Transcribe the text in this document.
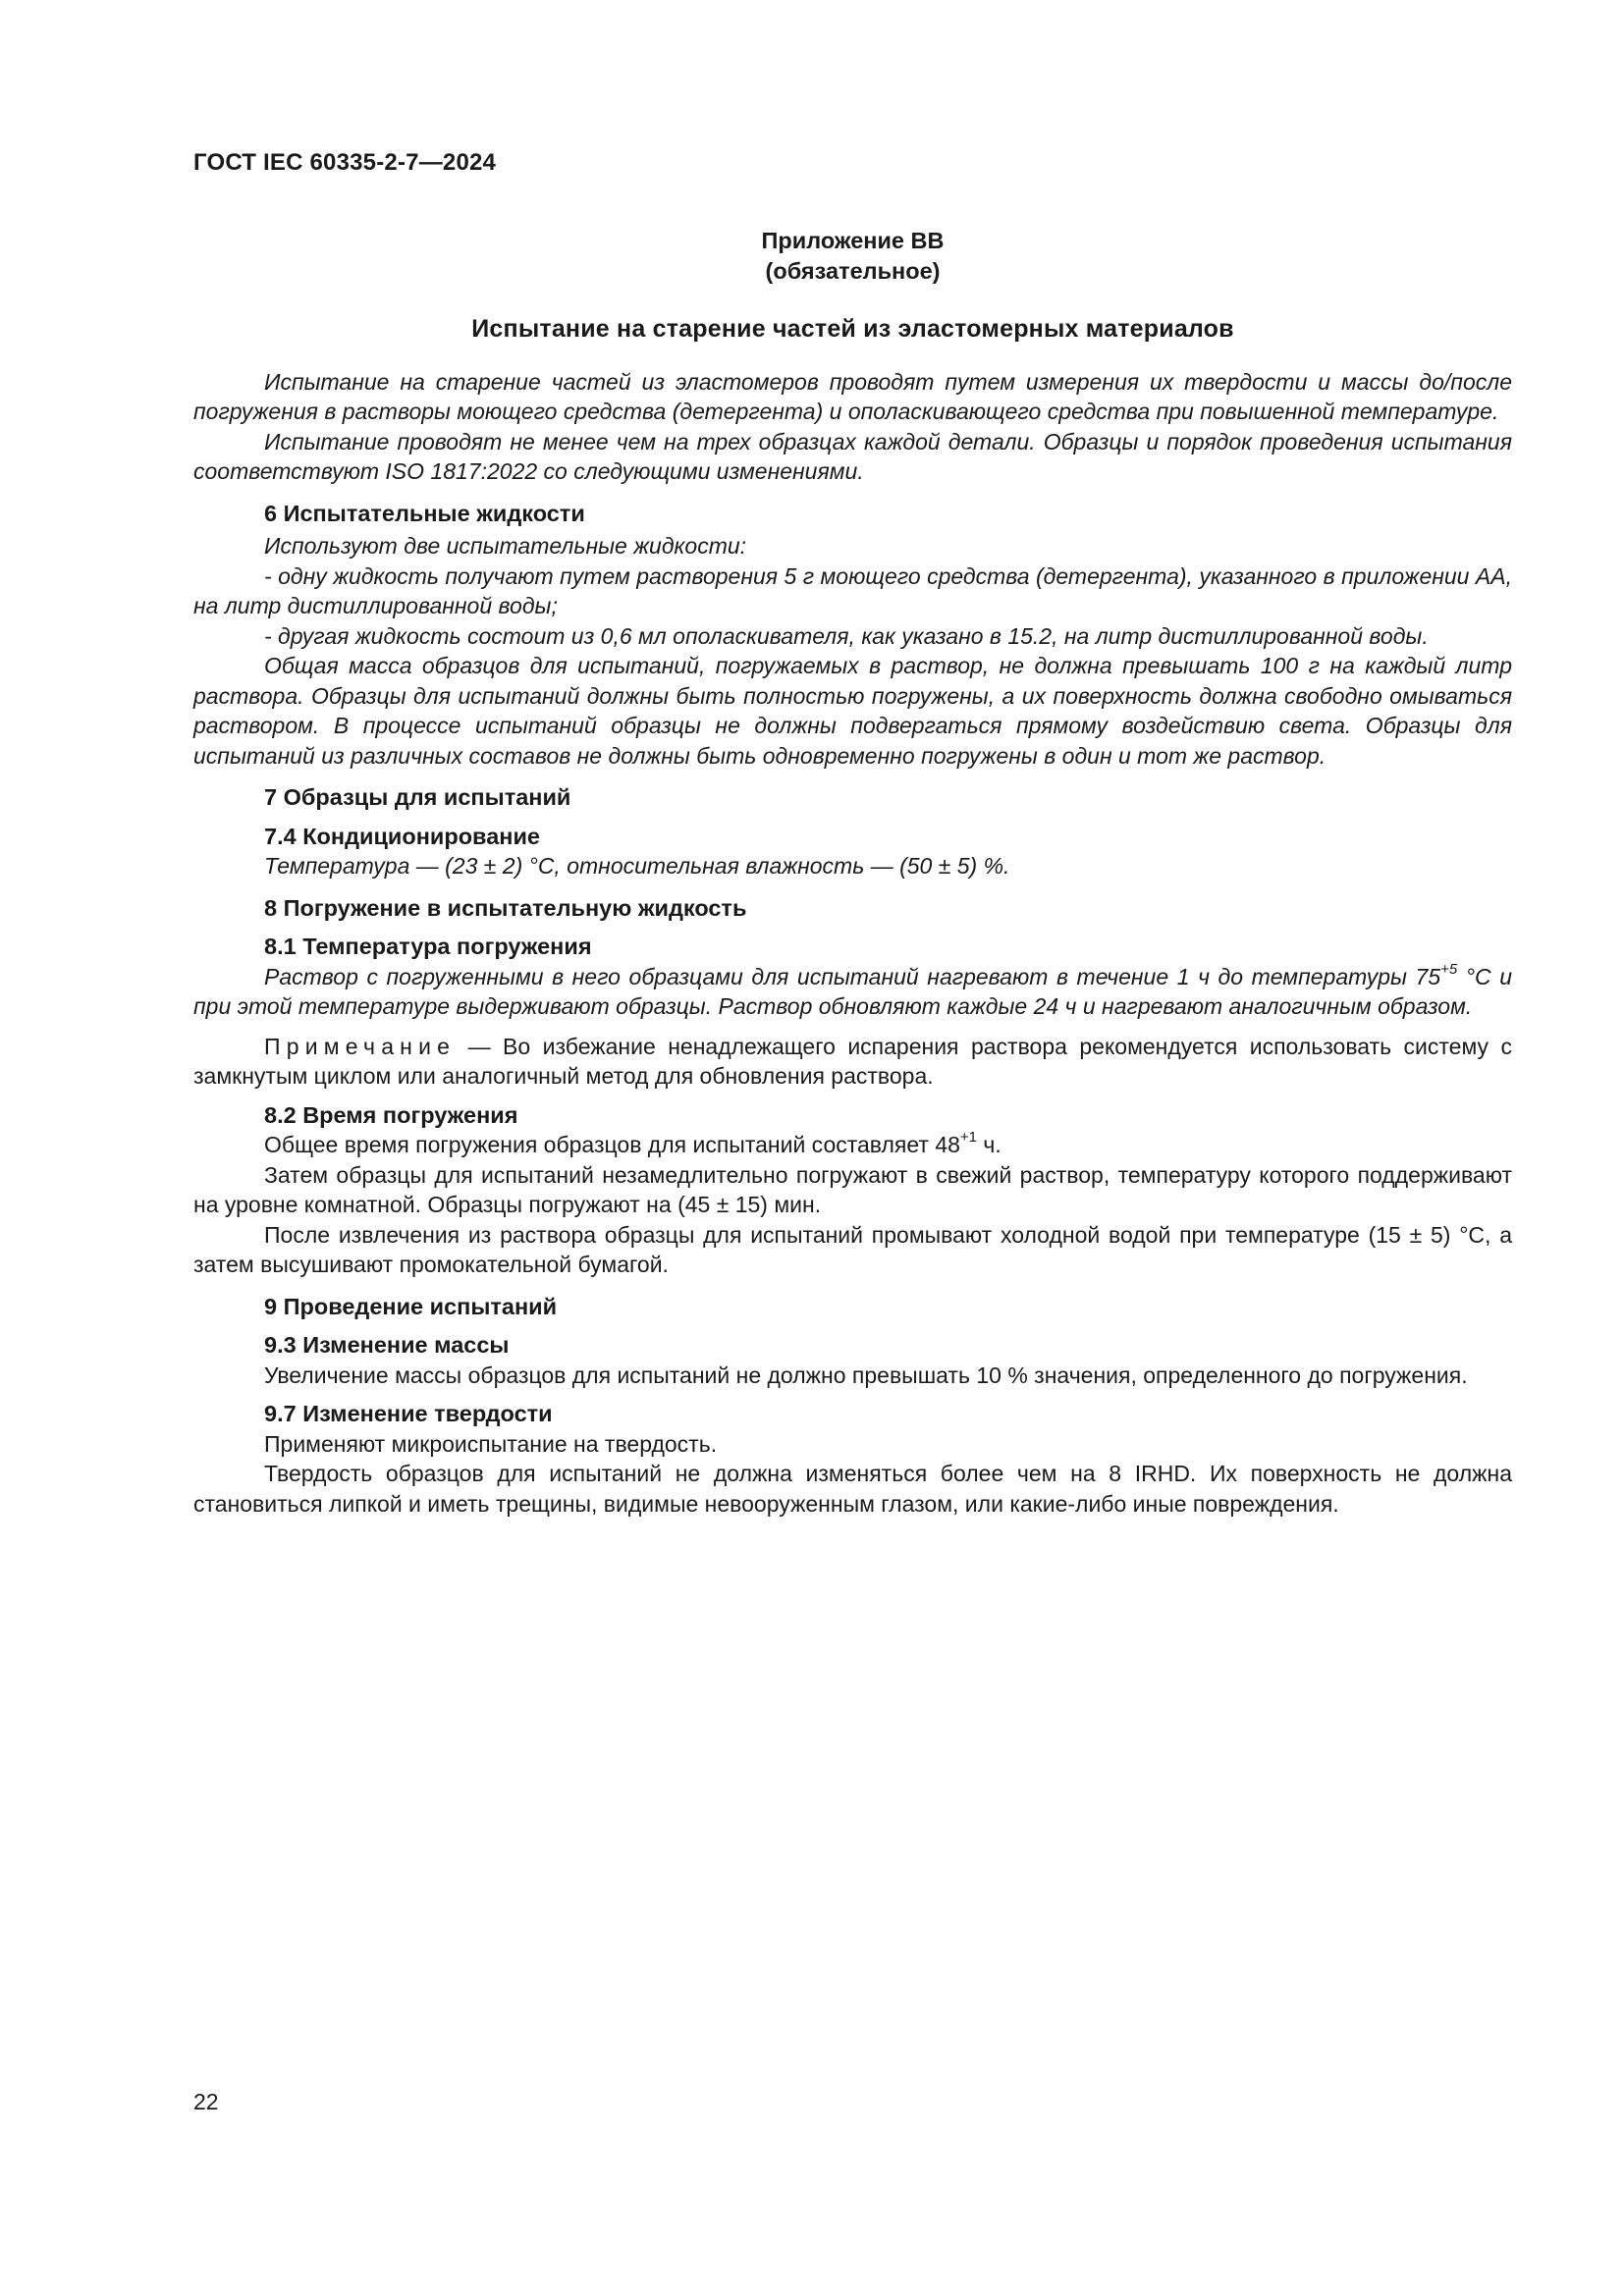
ГОСТ IEC 60335-2-7—2024
Приложение ВВ
(обязательное)
Испытание на старение частей из эластомерных материалов

Испытание на старение частей из эластомеров проводят путем измерения их твердости и массы до/после погружения в растворы моющего средства (детергента) и ополаскивающего средства при повышенной температуре.

Испытание проводят не менее чем на трех образцах каждой детали. Образцы и порядок проведения испытания соответствуют ISO 1817:2022 со следующими изменениями.

6 Испытательные жидкости

Используют две испытательные жидкости:

- одну жидкость получают путем растворения 5 г моющего средства (детергента), указанного в приложении АА, на литр дистиллированной воды;

- другая жидкость состоит из 0,6 мл ополаскивателя, как указано в 15.2, на литр дистиллированной воды.

Общая масса образцов для испытаний, погружаемых в раствор, не должна превышать 100 г на каждый литр раствора. Образцы для испытаний должны быть полностью погружены, а их поверхность должна свободно омываться раствором. В процессе испытаний образцы не должны подвергаться прямому воздействию света. Образцы для испытаний из различных составов не должны быть одновременно погружены в один и тот же раствор.

7 Образцы для испытаний
7.4 Кондиционирование

Температура — (23 ± 2) °C, относительная влажность — (50 ± 5) %.

8 Погружение в испытательную жидкость
8.1 Температура погружения

Раствор с погруженными в него образцами для испытаний нагревают в течение 1 ч до температуры $75^{+5}$ °C и при этой температуре выдерживают образцы. Раствор обновляют каждые 24 ч и нагревают аналогичным образом.

Примечание — Во избежание ненадлежащего испарения раствора рекомендуется использовать систему с замкнутым циклом или аналогичный метод для обновления раствора.

8.2 Время погружения

Общее время погружения образцов для испытаний составляет $48^{+1}$ ч.

Затем образцы для испытаний незамедлительно погружают в свежий раствор, температуру которого поддерживают на уровне комнатной. Образцы погружают на (45 ± 15) мин.

После извлечения из раствора образцы для испытаний промывают холодной водой при температуре (15 ± 5) °C, а затем высушивают промокательной бумагой.

9 Проведение испытаний
9.3 Изменение массы

Увеличение массы образцов для испытаний не должно превышать 10 % значения, определенного до погружения.

9.7 Изменение твердости

Применяют микроиспытание на твердость.

Твердость образцов для испытаний не должна изменяться более чем на 8 IRHD. Их поверхность не должна становиться липкой и иметь трещины, видимые невооруженным глазом, или какие-либо иные повреждения.

22
